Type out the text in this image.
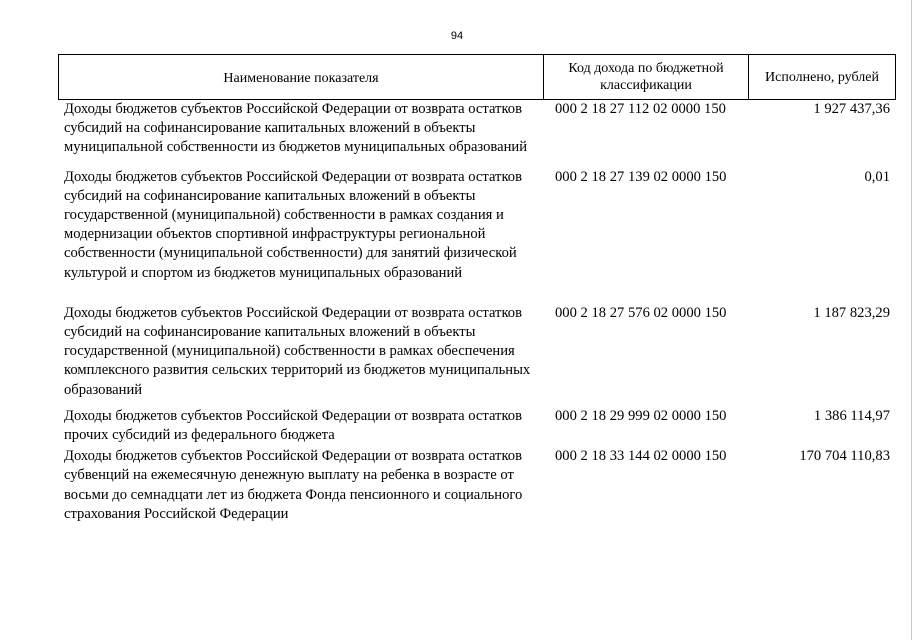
94
Наименование показателя
Код дохода по бюджетной классификации
Исполнено, рублей
Доходы бюджетов субъектов Российской Федерации от возврата остатков субсидий на софинансирование капитальных вложений в объекты муниципальной собственности из бюджетов муниципальных образований
000 2 18 27 112 02 0000 150	1 927 437,36
Доходы бюджетов субъектов Российской Федерации от возврата остатков субсидий на софинансирование капитальных вложений в объекты государственной (муниципальной) собственности в рамках создания и модернизации объектов спортивной инфраструктуры региональной собственности (муниципальной собственности) для занятий физической культурой и спортом из бюджетов муниципальных образований
000 2 18 27 139 02 0000 150	0,01
Доходы бюджетов субъектов Российской Федерации от возврата остатков субсидий на софинансирование капитальных вложений в объекты государственной (муниципальной) собственности в рамках обеспечения комплексного развития сельских территорий из бюджетов муниципальных образований
000 2 18 27 576 02 0000 150	1 187 823,29
Доходы бюджетов субъектов Российской Федерации от возврата остатков прочих субсидий из федерального бюджета
000 2 18 29 999 02 0000 150	1 386 114,97
Доходы бюджетов субъектов Российской Федерации от возврата остатков субвенций на ежемесячную денежную выплату на ребенка в возрасте от восьми до семнадцати лет из бюджета Фонда пенсионного и социального страхования Российской Федерации
000 2 18 33 144 02 0000 150	170 704 110,83
